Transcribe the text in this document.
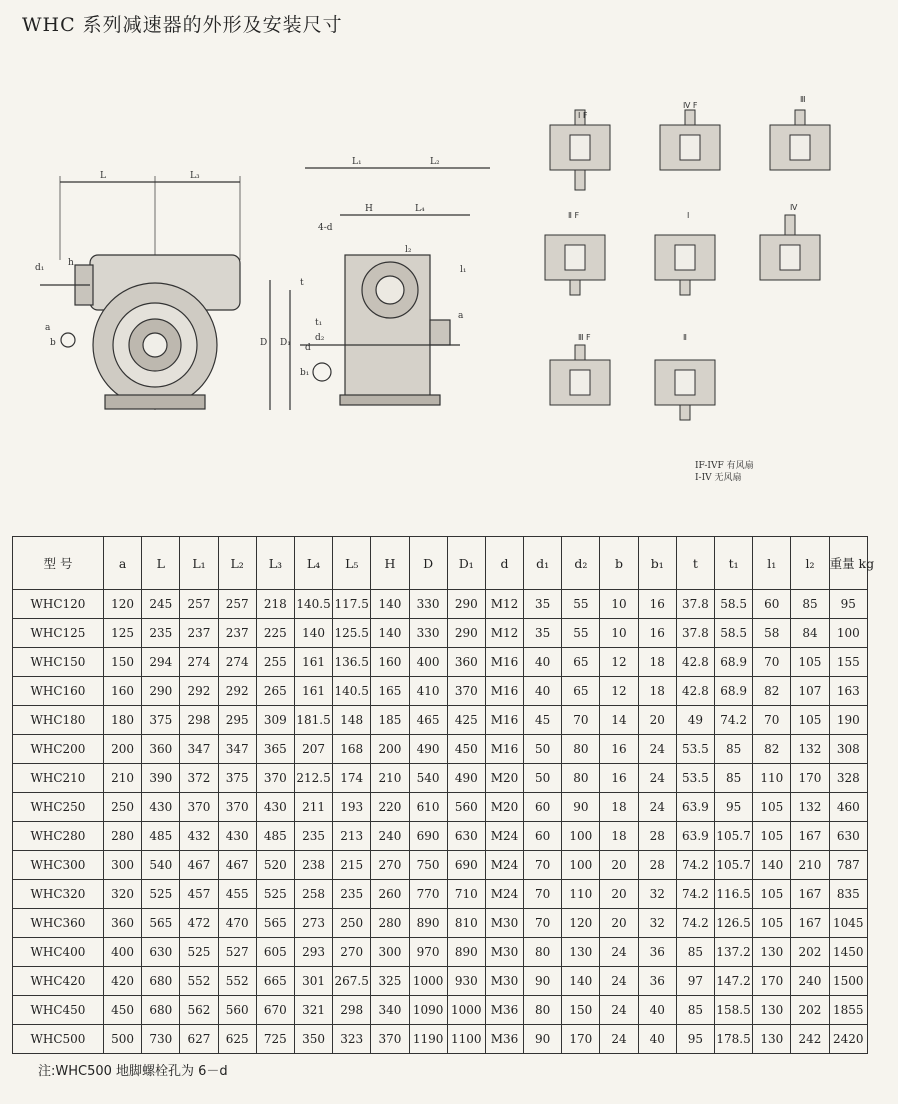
WHC 系列减速器的外形及安装尺寸
I F
Ⅳ F
Ⅲ
Ⅱ F	I
Ⅳ
Ⅲ F	Ⅱ
L	L₃
d₁	h
a
b
L₁	L₂
H	L₄
t
D D₁ d
t₁
b₁
4-d
a
d₂
l₁
l₂
IF-IVF 有风扇
I-IV 无风扇
型 号	a	L	L₁	L₂	L₃	L₄	L₅	H	D	D₁	d	d₁	d₂	b	b₁	t	t₁	l₁	l₂	重量 kg
WHC120	120	245	257	257	218	140.5	117.5	140	330	290	M12	35	55	10	16	37.8	58.5	60	85	95
WHC125	125	235	237	237	225	140	125.5	140	330	290	M12	35	55	10	16	37.8	58.5	58	84	100
WHC150	150	294	274	274	255	161	136.5	160	400	360	M16	40	65	12	18	42.8	68.9	70	105	155
WHC160	160	290	292	292	265	161	140.5	165	410	370	M16	40	65	12	18	42.8	68.9	82	107	163
WHC180	180	375	298	295	309	181.5	148	185	465	425	M16	45	70	14	20	49	74.2	70	105	190
WHC200	200	360	347	347	365	207	168	200	490	450	M16	50	80	16	24	53.5	85	82	132	308
WHC210	210	390	372	375	370	212.5	174	210	540	490	M20	50	80	16	24	53.5	85	110	170	328
WHC250	250	430	370	370	430	211	193	220	610	560	M20	60	90	18	24	63.9	95	105	132	460
WHC280	280	485	432	430	485	235	213	240	690	630	M24	60	100	18	28	63.9	105.7	105	167	630
WHC300	300	540	467	467	520	238	215	270	750	690	M24	70	100	20	28	74.2	105.7	140	210	787
WHC320	320	525	457	455	525	258	235	260	770	710	M24	70	110	20	32	74.2	116.5	105	167	835
WHC360	360	565	472	470	565	273	250	280	890	810	M30	70	120	20	32	74.2	126.5	105	167	1045
WHC400	400	630	525	527	605	293	270	300	970	890	M30	80	130	24	36	85	137.2	130	202	1450
WHC420	420	680	552	552	665	301	267.5	325	1000	930	M30	90	140	24	36	97	147.2	170	240	1500
WHC450	450	680	562	560	670	321	298	340	1090	1000	M36	80	150	24	40	85	158.5	130	202	1855
WHC500	500	730	627	625	725	350	323	370	1190	1100	M36	90	170	24	40	95	178.5	130	242	2420
注:WHC500 地脚螺栓孔为 6－d
